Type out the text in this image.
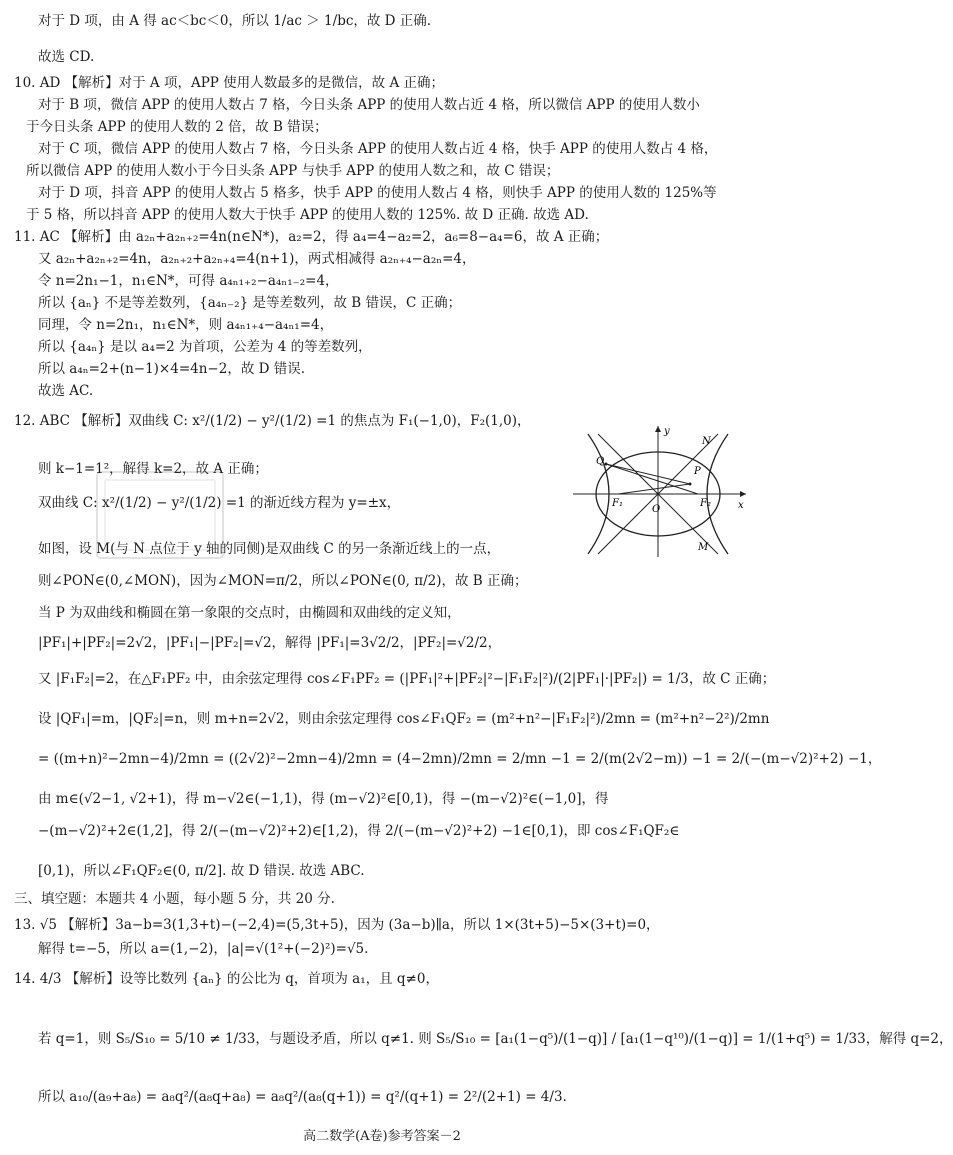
对于 D 项，由 A 得 ac＜bc＜0，所以 1/ac ＞ 1/bc，故 D 正确.
故选 CD.
10. AD 【解析】对于 A 项，APP 使用人数最多的是微信，故 A 正确；
对于 B 项，微信 APP 的使用人数占 7 格，今日头条 APP 的使用人数占近 4 格，所以微信 APP 的使用人数小
于今日头条 APP 的使用人数的 2 倍，故 B 错误；
对于 C 项，微信 APP 的使用人数占 7 格，今日头条 APP 的使用人数占近 4 格，快手 APP 的使用人数占 4 格，
所以微信 APP 的使用人数小于今日头条 APP 与快手 APP 的使用人数之和，故 C 错误；
对于 D 项，抖音 APP 的使用人数占 5 格多，快手 APP 的使用人数占 4 格，则快手 APP 的使用人数的 125%等
于 5 格，所以抖音 APP 的使用人数大于快手 APP 的使用人数的 125%. 故 D 正确. 故选 AD.
11. AC 【解析】由 a₂ₙ+a₂ₙ₊₂=4n(n∈N*)，a₂=2，得 a₄=4−a₂=2，a₆=8−a₄=6，故 A 正确；
又 a₂ₙ+a₂ₙ₊₂=4n，a₂ₙ₊₂+a₂ₙ₊₄=4(n+1)，两式相减得 a₂ₙ₊₄−a₂ₙ=4，
令 n=2n₁−1，n₁∈N*，可得 a₄ₙ₁₊₂−a₄ₙ₁₋₂=4，
所以 {aₙ} 不是等差数列，{a₄ₙ₋₂} 是等差数列，故 B 错误，C 正确；
同理，令 n=2n₁，n₁∈N*，则 a₄ₙ₁₊₄−a₄ₙ₁=4，
所以 {a₄ₙ} 是以 a₄=2 为首项，公差为 4 的等差数列，
所以 a₄ₙ=2+(n−1)×4=4n−2，故 D 错误.
故选 AC.
12. ABC 【解析】双曲线 C: x²/(1/2) − y²/(1/2) =1 的焦点为 F₁(−1,0)，F₂(1,0)，
则 k−1=1²，解得 k=2，故 A 正确；
双曲线 C: x²/(1/2) − y²/(1/2) =1 的渐近线方程为 y=±x，
如图，设 M(与 N 点位于 y 轴的同侧)是双曲线 C 的另一条渐近线上的一点，
则∠PON∈(0,∠MON)，因为∠MON=π/2，所以∠PON∈(0, π/2)，故 B 正确；
当 P 为双曲线和椭圆在第一象限的交点时，由椭圆和双曲线的定义知，
|PF₁|+|PF₂|=2√2，|PF₁|−|PF₂|=√2，解得 |PF₁|=3√2/2，|PF₂|=√2/2，
又 |F₁F₂|=2，在△F₁PF₂ 中，由余弦定理得 cos∠F₁PF₂ = (|PF₁|²+|PF₂|²−|F₁F₂|²)/(2|PF₁|·|PF₂|) = 1/3，故 C 正确；
设 |QF₁|=m，|QF₂|=n，则 m+n=2√2，则由余弦定理得 cos∠F₁QF₂ = (m²+n²−|F₁F₂|²)/2mn = (m²+n²−2²)/2mn
= ((m+n)²−2mn−4)/2mn = ((2√2)²−2mn−4)/2mn = (4−2mn)/2mn = 2/mn −1 = 2/(m(2√2−m)) −1 = 2/(−(m−√2)²+2) −1，
由 m∈(√2−1, √2+1)，得 m−√2∈(−1,1)，得 (m−√2)²∈[0,1)，得 −(m−√2)²∈(−1,0]，得
−(m−√2)²+2∈(1,2]，得 2/(−(m−√2)²+2)∈[1,2)，得 2/(−(m−√2)²+2) −1∈[0,1)，即 cos∠F₁QF₂∈
[0,1)，所以∠F₁QF₂∈(0, π/2]. 故 D 错误. 故选 ABC.
三、填空题：本题共 4 小题，每小题 5 分，共 20 分.
13. √5 【解析】3a−b=3(1,3+t)−(−2,4)=(5,3t+5)，因为 (3a−b)∥a，所以 1×(3t+5)−5×(3+t)=0，
解得 t=−5，所以 a=(1,−2)，|a|=√(1²+(−2)²)=√5.
14. 4/3 【解析】设等比数列 {aₙ} 的公比为 q，首项为 a₁，且 q≠0，
若 q=1，则 S₅/S₁₀ = 5/10 ≠ 1/33，与题设矛盾，所以 q≠1. 则 S₅/S₁₀ = [a₁(1−q⁵)/(1−q)] / [a₁(1−q¹⁰)/(1−q)] = 1/(1+q⁵) = 1/33，解得 q=2，
所以 a₁₀/(a₉+a₈) = a₈q²/(a₈q+a₈) = a₈q²/(a₈(q+1)) = q²/(q+1) = 2²/(2+1) = 4/3.
y
x
O
F₁	F₂
P
Q
N
M
高二数学(A卷)参考答案－2
